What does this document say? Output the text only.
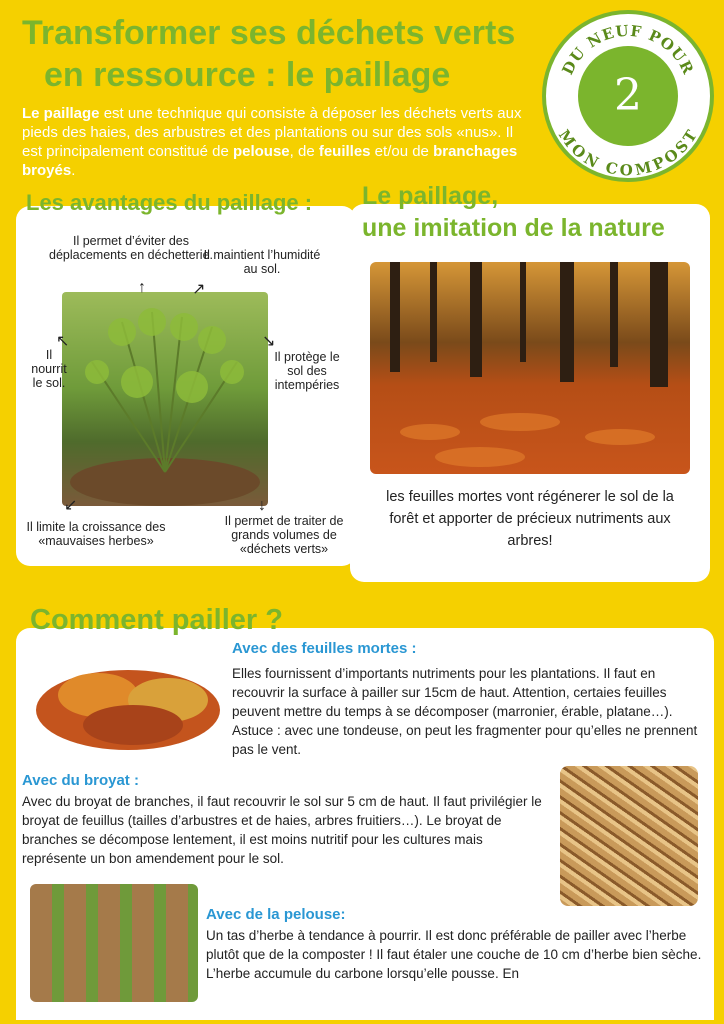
Transformer ses déchets verts
en ressource : le paillage	DU NEUF POUR
MON COMPOST
2

Le paillage est une technique qui consiste à déposer les déchets verts aux pieds des haies, des arbustres et des plantations ou sur des sols «nus». Il est principalement constitué de pelouse, de feuilles et/ou de branchages broyés.

Les avantages du paillage :
Il permet d’éviter des déplacements en déchetterie.
Il maintient l’humidité au sol.
Il nourrit le sol.
Il protège le sol des intempéries
Il limite la croissance des «mauvaises herbes»
Il permet de traiter de grands volumes de «déchets verts»
↑	↗
↖	↘
↙	↓
Le paillage,
une imitation de la nature
les feuilles mortes vont régénerer le sol de la forêt et apporter de précieux nutriments aux arbres!
Comment pailler ?
Avec des feuilles mortes :
Elles fournissent d’importants nutriments pour les plantations. Il faut en recouvrir la surface à pailler sur 15cm de haut. Attention, certaies feuilles peuvent mettre du temps à se décomposer (marronier, érable, platane…). Astuce : avec une tondeuse, on peut les fragmenter pour qu’elles ne prennent pas le vent.
Avec du broyat :
Avec du broyat de branches, il faut recouvrir le sol sur 5 cm de haut. Il faut privilégier le broyat de feuillus (tailles d’arbustres et de haies, arbres fruitiers…). Le broyat de branches se décompose lentement, il est moins nutritif pour les cultures mais représente un bon amendement pour le sol.
Avec de la pelouse:
Un tas d’herbe à tendance à pourrir. Il est donc préférable de pailler avec l’herbe plutôt que de la composter ! Il faut étaler une couche de 10 cm d’herbe bien sèche. L’herbe accumule du carbone lorsqu’elle pousse. En
